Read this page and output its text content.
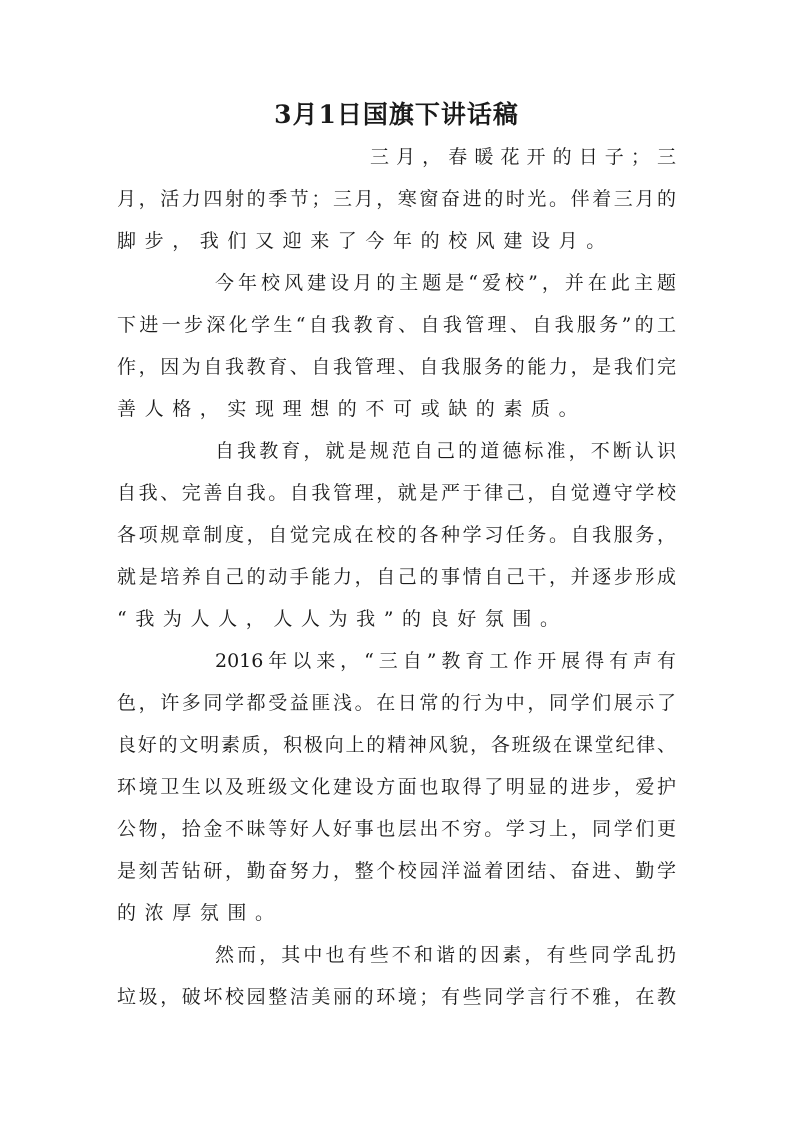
3月1日国旗下讲话稿
三月，春暖花开的日子；三
月，活力四射的季节；三月，寒窗奋进的时光。伴着三月的
脚步，我们又迎来了今年的校风建设月。
今年校风建设月的主题是“爱校”，并在此主题
下进一步深化学生“自我教育、自我管理、自我服务”的工
作，因为自我教育、自我管理、自我服务的能力，是我们完
善人格，实现理想的不可或缺的素质。
自我教育，就是规范自己的道德标准，不断认识
自我、完善自我。自我管理，就是严于律己，自觉遵守学校
各项规章制度，自觉完成在校的各种学习任务。自我服务，
就是培养自己的动手能力，自己的事情自己干，并逐步形成
“我为人人，人人为我”的良好氛围。
2016年以来，“三自”教育工作开展得有声有
色，许多同学都受益匪浅。在日常的行为中，同学们展示了
良好的文明素质，积极向上的精神风貌，各班级在课堂纪律、
环境卫生以及班级文化建设方面也取得了明显的进步，爱护
公物，拾金不昧等好人好事也层出不穷。学习上，同学们更
是刻苦钻研，勤奋努力，整个校园洋溢着团结、奋进、勤学
的浓厚氛围。
然而，其中也有些不和谐的因素，有些同学乱扔
垃圾，破坏校园整洁美丽的环境；有些同学言行不雅，在教
